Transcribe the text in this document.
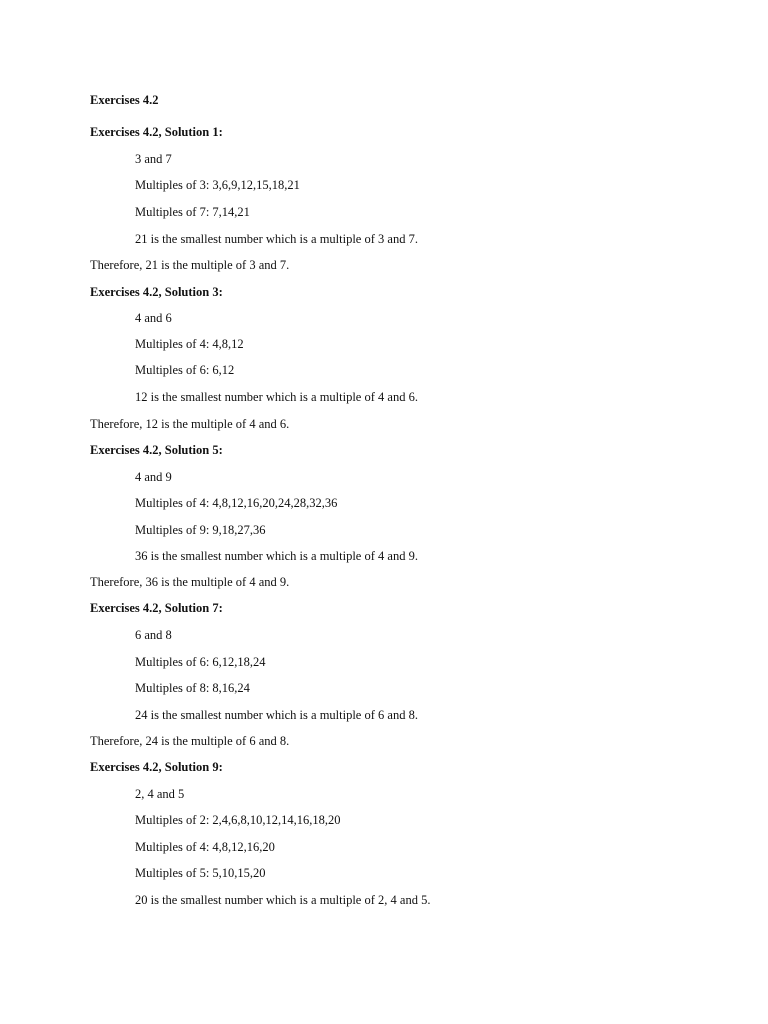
Exercises 4.2
Exercises 4.2, Solution 1:
3 and 7
Multiples of 3: 3,6,9,12,15,18,21
Multiples of 7: 7,14,21
21 is the smallest number which is a multiple of 3 and 7.
Therefore, 21 is the multiple of 3 and 7.
Exercises 4.2, Solution 3:
4 and 6
Multiples of 4: 4,8,12
Multiples of 6: 6,12
12 is the smallest number which is a multiple of 4 and 6.
Therefore, 12 is the multiple of 4 and 6.
Exercises 4.2, Solution 5:
4 and 9
Multiples of 4: 4,8,12,16,20,24,28,32,36
Multiples of 9: 9,18,27,36
36 is the smallest number which is a multiple of 4 and 9.
Therefore, 36 is the multiple of 4 and 9.
Exercises 4.2, Solution 7:
6 and 8
Multiples of 6: 6,12,18,24
Multiples of 8: 8,16,24
24 is the smallest number which is a multiple of 6 and 8.
Therefore, 24 is the multiple of 6 and 8.
Exercises 4.2, Solution 9:
2, 4 and 5
Multiples of 2: 2,4,6,8,10,12,14,16,18,20
Multiples of 4: 4,8,12,16,20
Multiples of 5: 5,10,15,20
20 is the smallest number which is a multiple of 2, 4 and 5.
